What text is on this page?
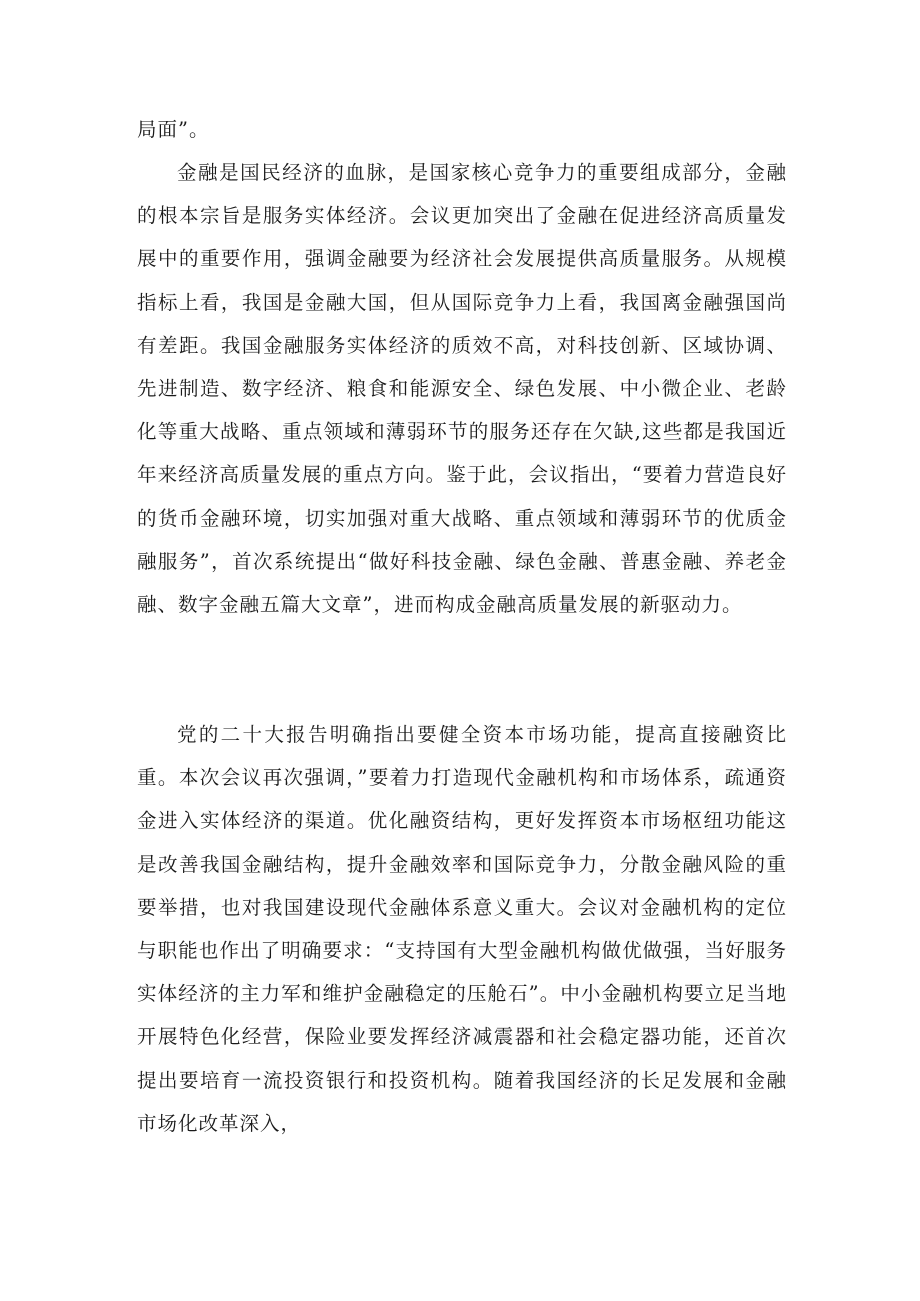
局面”。

金融是国民经济的血脉，是国家核心竞争力的重要组成部分，金融的根本宗旨是服务实体经济。会议更加突出了金融在促进经济高质量发展中的重要作用，强调金融要为经济社会发展提供高质量服务。从规模指标上看，我国是金融大国，但从国际竞争力上看，我国离金融强国尚有差距。我国金融服务实体经济的质效不高，对科技创新、区域协调、先进制造、数字经济、粮食和能源安全、绿色发展、中小微企业、老龄化等重大战略、重点领域和薄弱环节的服务还存在欠缺,这些都是我国近年来经济高质量发展的重点方向。鉴于此，会议指出，“要着力营造良好的货币金融环境，切实加强对重大战略、重点领域和薄弱环节的优质金融服务”，首次系统提出“做好科技金融、绿色金融、普惠金融、养老金融、数字金融五篇大文章”，进而构成金融高质量发展的新驱动力。

党的二十大报告明确指出要健全资本市场功能，提高直接融资比重。本次会议再次强调，”要着力打造现代金融机构和市场体系，疏通资金进入实体经济的渠道。优化融资结构，更好发挥资本市场枢纽功能这是改善我国金融结构，提升金融效率和国际竞争力，分散金融风险的重要举措，也对我国建设现代金融体系意义重大。会议对金融机构的定位与职能也作出了明确要求：“支持国有大型金融机构做优做强，当好服务实体经济的主力军和维护金融稳定的压舱石”。中小金融机构要立足当地开展特色化经营，保险业要发挥经济减震器和社会稳定器功能，还首次提出要培育一流投资银行和投资机构。随着我国经济的长足发展和金融市场化改革深入，
